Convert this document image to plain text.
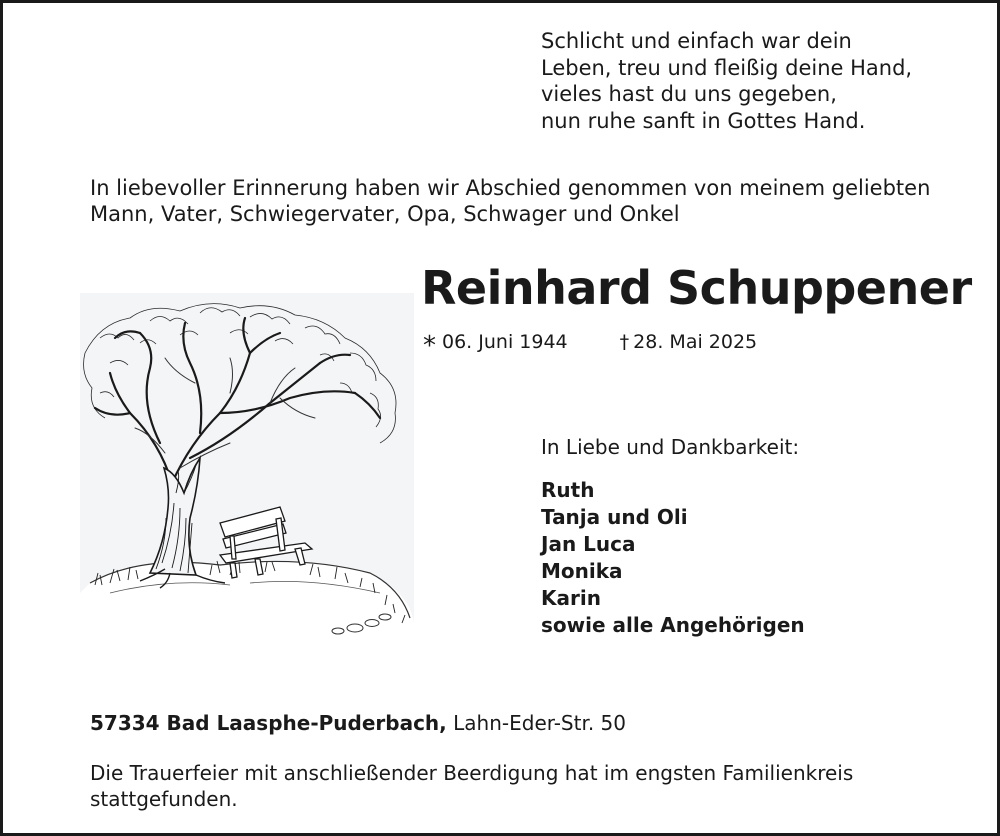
Schlicht und einfach war dein
Leben, treu und fleißig deine Hand,
vieles hast du uns gegeben,
nun ruhe sanft in Gottes Hand.
In liebevoller Erinnerung haben wir Abschied genommen von meinem geliebten
Mann, Vater, Schwiegervater, Opa, Schwager und Onkel
Reinhard Schuppener
* 06. Juni 1944	† 28. Mai 2025
In Liebe und Dankbarkeit:
Ruth
Tanja und Oli
Jan Luca
Monika
Karin
sowie alle Angehörigen
57334 Bad Laasphe-Puderbach, Lahn-Eder-Str. 50
Die Trauerfeier mit anschließender Beerdigung hat im engsten Familienkreis
stattgefunden.
